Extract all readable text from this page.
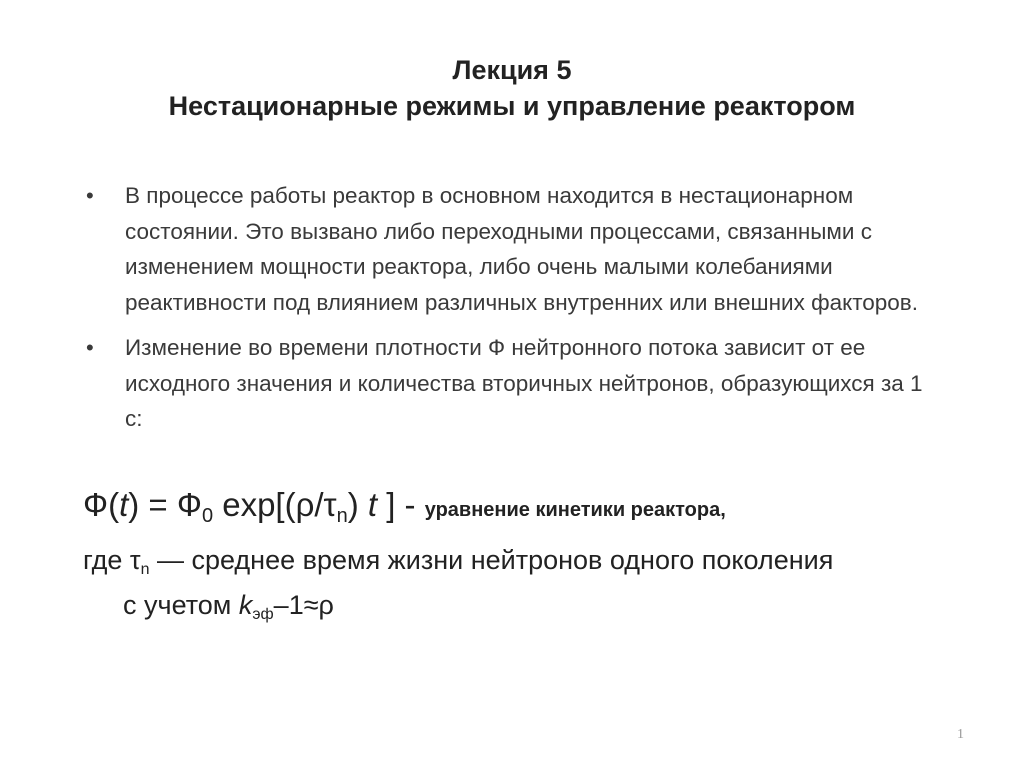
Лекция 5
Нестационарные режимы и управление реактором
• В процессе работы реактор в основном находится в нестационарном состоянии. Это вызвано либо переходными процессами, связанными с изменением мощности реактора, либо очень малыми колебаниями реактивности под влиянием различных внутренних или внешних факторов.
• Изменение во времени плотности Ф нейтронного потока зависит от ее исходного значения и количества вторичных нейтронов, образующихся за 1 с:
$Ф(t) = Ф_0$ $\exp[(\rho/\tau_n)$ t ] - уравнение кинетики реактора,
где $\tau_n$ — среднее время жизни нейтронов одного поколения
с учетом $k_{эф}-1\approx\rho$
1
